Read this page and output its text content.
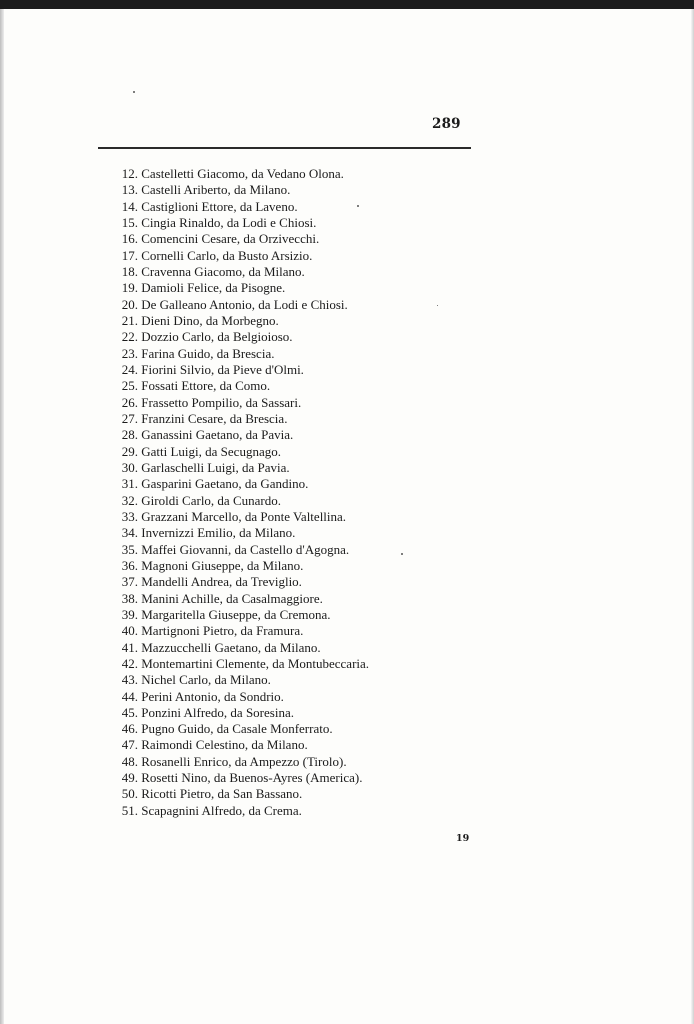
289
12. Castelletti Giacomo, da Vedano Olona.
13. Castelli Ariberto, da Milano.
14. Castiglioni Ettore, da Laveno.
15. Cingia Rinaldo, da Lodi e Chiosi.
16. Comencini Cesare, da Orzivecchi.
17. Cornelli Carlo, da Busto Arsizio.
18. Cravenna Giacomo, da Milano.
19. Damioli Felice, da Pisogne.
20. De Galleano Antonio, da Lodi e Chiosi.
21. Dieni Dino, da Morbegno.
22. Dozzio Carlo, da Belgioioso.
23. Farina Guido, da Brescia.
24. Fiorini Silvio, da Pieve d'Olmi.
25. Fossati Ettore, da Como.
26. Frassetto Pompilio, da Sassari.
27. Franzini Cesare, da Brescia.
28. Ganassini Gaetano, da Pavia.
29. Gatti Luigi, da Secugnago.
30. Garlaschelli Luigi, da Pavia.
31. Gasparini Gaetano, da Gandino.
32. Giroldi Carlo, da Cunardo.
33. Grazzani Marcello, da Ponte Valtellina.
34. Invernizzi Emilio, da Milano.
35. Maffei Giovanni, da Castello d'Agogna.
36. Magnoni Giuseppe, da Milano.
37. Mandelli Andrea, da Treviglio.
38. Manini Achille, da Casalmaggiore.
39. Margaritella Giuseppe, da Cremona.
40. Martignoni Pietro, da Framura.
41. Mazzucchelli Gaetano, da Milano.
42. Montemartini Clemente, da Montubeccaria.
43. Nichel Carlo, da Milano.
44. Perini Antonio, da Sondrio.
45. Ponzini Alfredo, da Soresina.
46. Pugno Guido, da Casale Monferrato.
47. Raimondi Celestino, da Milano.
48. Rosanelli Enrico, da Ampezzo (Tirolo).
49. Rosetti Nino, da Buenos-Ayres (America).
50. Ricotti Pietro, da San Bassano.
51. Scapagnini Alfredo, da Crema.
19
